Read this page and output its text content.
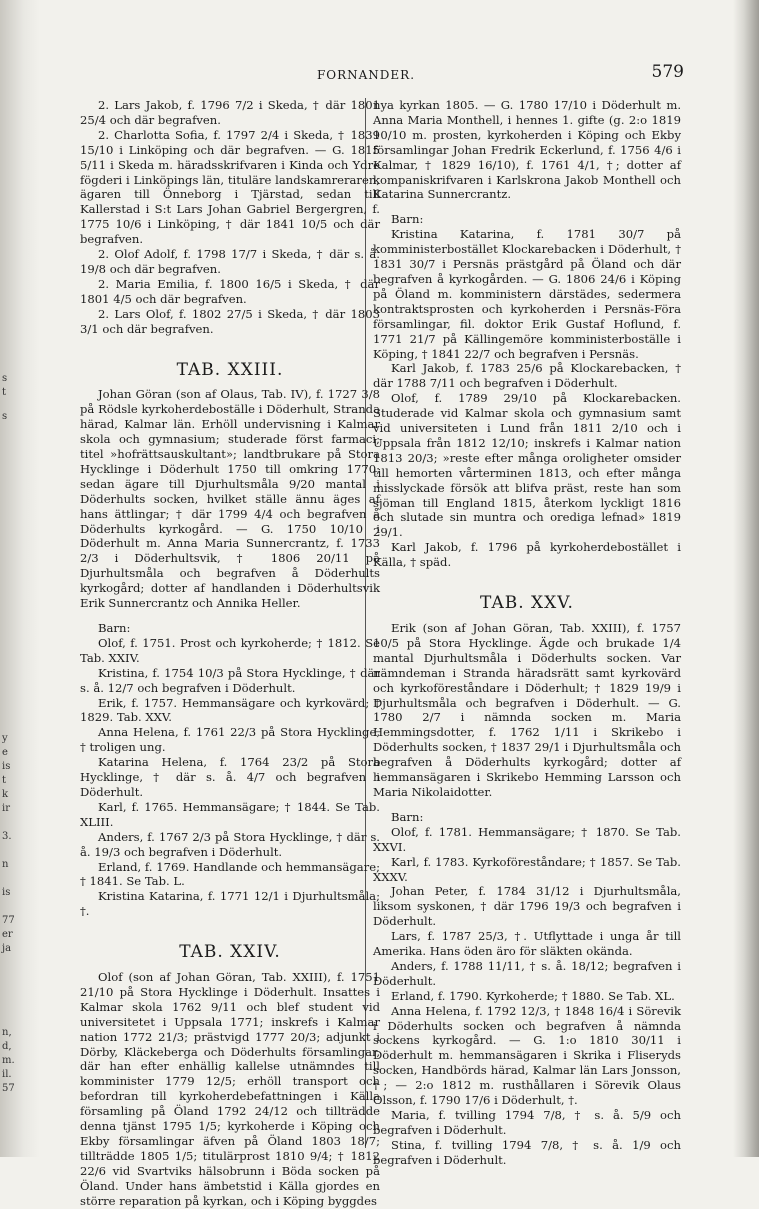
s
t
s
y
e
is
t
k
ir
3.
n
is
77
er
ja
n,
d,
m.
il.
57
FORNANDER.	579

2. Lars Jakob, f. 1796 7/2 i Skeda, † där 1801 25/4 och där begrafven.

2. Charlotta Sofia, f. 1797 2/4 i Skeda, † 1839 15/10 i Linköping och där begrafven. — G. 1815 5/11 i Skeda m. häradsskrifvaren i Kinda och Ydre fögderi i Linköpings län, tituläre landskamreraren, ägaren till Önneborg i Tjärstad, sedan till Kallerstad i S:t Lars Johan Gabriel Bergergren, f. 1775 10/6 i Linköping, † där 1841 10/5 och där begrafven.

2. Olof Adolf, f. 1798 17/7 i Skeda, † där s. å. 19/8 och där begrafven.

2. Maria Emilia, f. 1800 16/5 i Skeda, † där 1801 4/5 och där begrafven.

2. Lars Olof, f. 1802 27/5 i Skeda, † där 1803 3/1 och där begrafven.

TAB. XXIII.

Johan Göran (son af Olaus, Tab. IV), f. 1727 3/8 på Rödsle kyrkoherdeboställe i Döderhult, Stranda härad, Kalmar län. Erhöll undervisning i Kalmar skola och gymnasium; studerade först farmaci; titel »hofrättsauskultant»; landtbrukare på Stora Hycklinge i Döderhult 1750 till omkring 1770; sedan ägare till Djurhultsmåla 9/20 mantal i Döderhults socken, hvilket ställe ännu äges af hans ättlingar; † där 1799 4/4 och begrafven å Döderhults kyrkogård. — G. 1750 10/10 i Döderhult m. Anna Maria Sunnercrantz, f. 1733 2/3 i Döderhultsvik, † 1806 20/11 på Djurhultsmåla och begrafven å Döderhults kyrkogård; dotter af handlanden i Döderhultsvik Erik Sunnercrantz och Annika Heller.

Barn:

Olof, f. 1751. Prost och kyrkoherde; † 1812. Se Tab. XXIV.

Kristina, f. 1754 10/3 på Stora Hycklinge, † där s. å. 12/7 och begrafven i Döderhult.

Erik, f. 1757. Hemmansägare och kyrkovärd; † 1829. Tab. XXV.

Anna Helena, f. 1761 22/3 på Stora Hycklinge, † troligen ung.

Katarina Helena, f. 1764 23/2 på Stora Hycklinge, † där s. å. 4/7 och begrafven i Döderhult.

Karl, f. 1765. Hemmansägare; † 1844. Se Tab. XLIII.

Anders, f. 1767 2/3 på Stora Hycklinge, † där s. å. 19/3 och begrafven i Döderhult.

Erland, f. 1769. Handlande och hemmansägare; † 1841. Se Tab. L.

Kristina Katarina, f. 1771 12/1 i Djurhultsmåla; †.

TAB. XXIV.

Olof (son af Johan Göran, Tab. XXIII), f. 1751 21/10 på Stora Hycklinge i Döderhult. Insattes i Kalmar skola 1762 9/11 och blef student vid universitetet i Uppsala 1771; inskrefs i Kalmar nation 1772 21/3; prästvigd 1777 20/3; adjunkt i Dörby, Kläckeberga och Döderhults församlingar, där han efter enhällig kallelse utnämndes till komminister 1779 12/5; erhöll transport och befordran till kyrkoherdebefattningen i Källa församling på Öland 1792 24/12 och tillträdde denna tjänst 1795 1/5; kyrkoherde i Köping och Ekby församlingar äfven på Öland 1803 18/7; tillträdde 1805 1/5; titulärprost 1810 9/4; † 1812 22/6 vid Svartviks hälsobrunn i Böda socken på Öland. Under hans ämbetstid i Källa gjordes en större reparation på kyrkan, och i Köping byggdes

nya kyrkan 1805. — G. 1780 17/10 i Döderhult m. Anna Maria Monthell, i hennes 1. gifte (g. 2:o 1819 10/10 m. prosten, kyrkoherden i Köping och Ekby församlingar Johan Fredrik Eckerlund, f. 1756 4/6 i Kalmar, † 1829 16/10), f. 1761 4/1, †; dotter af kompaniskrifvaren i Karlskrona Jakob Monthell och Katarina Sunnercrantz.

Barn:

Kristina Katarina, f. 1781 30/7 på komministerbostället Klockarebacken i Döderhult, † 1831 30/7 i Persnäs prästgård på Öland och där begrafven å kyrkogården. — G. 1806 24/6 i Köping på Öland m. komministern därstädes, sedermera kontraktsprosten och kyrkoherden i Persnäs-Föra församlingar, fil. doktor Erik Gustaf Hoflund, f. 1771 21/7 på Källingemöre komministerboställe i Köping, † 1841 22/7 och begrafven i Persnäs.

Karl Jakob, f. 1783 25/6 på Klockarebacken, † där 1788 7/11 och begrafven i Döderhult.

Olof, f. 1789 29/10 på Klockarebacken. Studerade vid Kalmar skola och gymnasium samt vid universiteten i Lund från 1811 2/10 och i Uppsala från 1812 12/10; inskrefs i Kalmar nation 1813 20/3; »reste efter många oroligheter omsider till hemorten vårterminen 1813, och efter många misslyckade försök att blifva präst, reste han som sjöman till England 1815, återkom lyckligt 1816 och slutade sin muntra och orediga lefnad» 1819 29/1.

Karl Jakob, f. 1796 på kyrkoherdebostället i Källa, † späd.

TAB. XXV.

Erik (son af Johan Göran, Tab. XXIII), f. 1757 10/5 på Stora Hycklinge. Ägde och brukade 1/4 mantal Djurhultsmåla i Döderhults socken. Var nämndeman i Stranda häradsrätt samt kyrkovärd och kyrkoföreståndare i Döderhult; † 1829 19/9 i Djurhultsmåla och begrafven i Döderhult. — G. 1780 2/7 i nämnda socken m. Maria Hemmingsdotter, f. 1762 1/11 i Skrikebo i Döderhults socken, † 1837 29/1 i Djurhultsmåla och begrafven å Döderhults kyrkogård; dotter af hemmansägaren i Skrikebo Hemming Larsson och Maria Nikolaidotter.

Barn:

Olof, f. 1781. Hemmansägare; † 1870. Se Tab. XXVI.

Karl, f. 1783. Kyrkoföreståndare; † 1857. Se Tab. XXXV.

Johan Peter, f. 1784 31/12 i Djurhultsmåla, liksom syskonen, † där 1796 19/3 och begrafven i Döderhult.

Lars, f. 1787 25/3, †. Utflyttade i unga år till Amerika. Hans öden äro för släkten okända.

Anders, f. 1788 11/11, † s. å. 18/12; begrafven i Döderhult.

Erland, f. 1790. Kyrkoherde; † 1880. Se Tab. XL.

Anna Helena, f. 1792 12/3, † 1848 16/4 i Sörevik i Döderhults socken och begrafven å nämnda sockens kyrkogård. — G. 1:o 1810 30/11 i Döderhult m. hemmansägaren i Skrika i Fliseryds socken, Handbörds härad, Kalmar län Lars Jonsson, †; — 2:o 1812 m. rusthållaren i Sörevik Olaus Olsson, f. 1790 17/6 i Döderhult, †.

Maria, f. tvilling 1794 7/8, † s. å. 5/9 och begrafven i Döderhult.

Stina, f. tvilling 1794 7/8, † s. å. 1/9 och begrafven i Döderhult.
